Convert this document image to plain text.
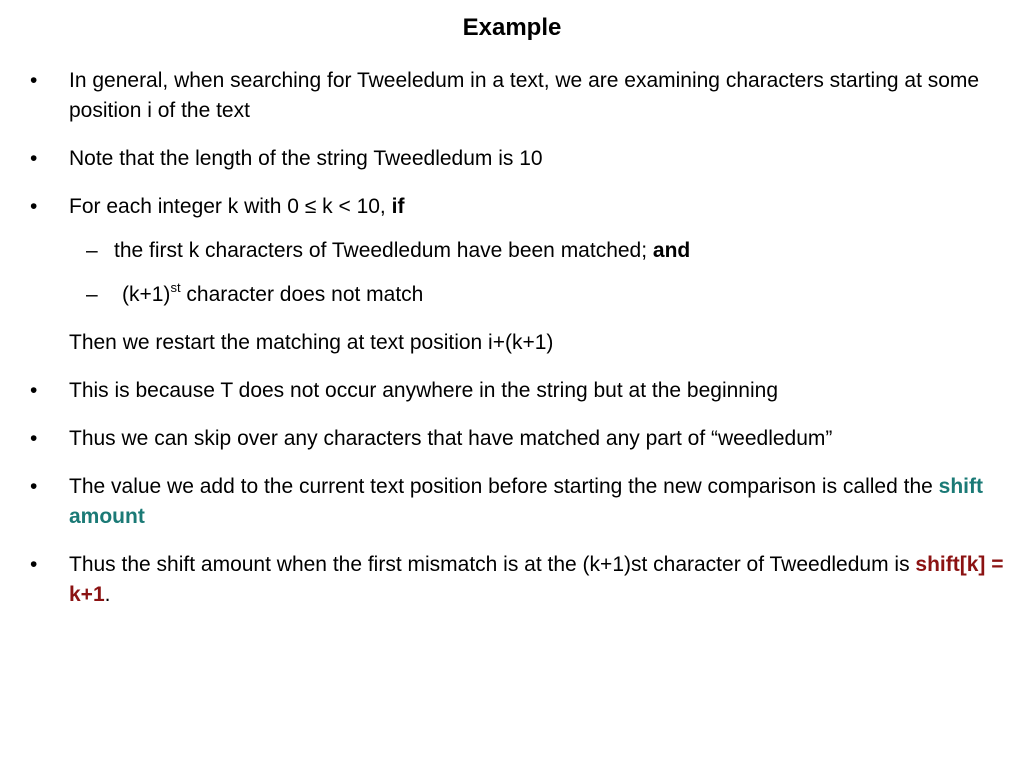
Example
•	In general, when searching for Tweeledum in a text, we are examining characters starting at some position i of the text
•	Note that the length of the string Tweedledum is 10
•	For each integer k with 0 ≤ k < 10, if
– the first k characters of Tweedledum have been matched; and
– $(k+1)^{st}$ character does not match
Then we restart the matching at text position i+(k+1)
•	This is because T does not occur anywhere in the string but at the beginning
•	Thus we can skip over any characters that have matched any part of “weedledum”
•	The value we add to the current text position before starting the new comparison is called the shift amount
•	Thus the shift amount when the first mismatch is at the (k+1)st character of Tweedledum is shift[k] = k+1.
